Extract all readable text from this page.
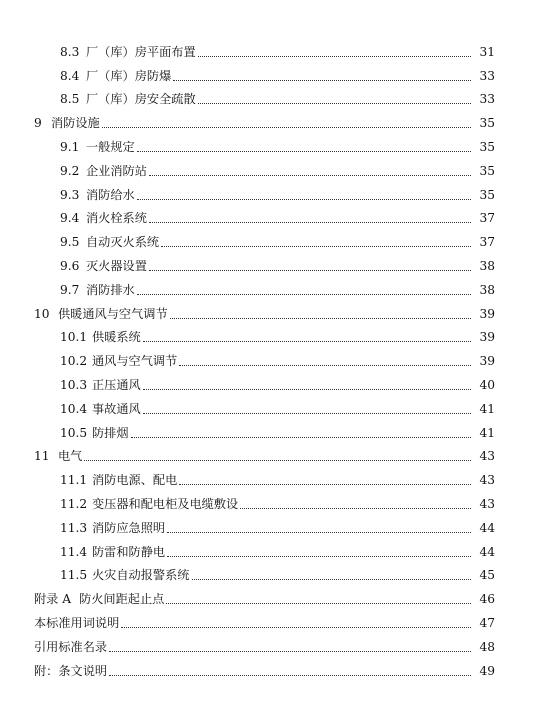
8.3 厂（库）房平面布置	31
8.4 厂（库）房防爆	33
8.5 厂（库）房安全疏散	33
9 消防设施	35
9.1 一般规定	35
9.2 企业消防站	35
9.3 消防给水	35
9.4 消火栓系统	37
9.5 自动灭火系统	37
9.6 灭火器设置	38
9.7 消防排水	38
10 供暖通风与空气调节	39
10.1 供暖系统	39
10.2 通风与空气调节	39
10.3 正压通风	40
10.4 事故通风	41
10.5 防排烟	41
11 电气	43
11.1 消防电源、配电	43
11.2 变压器和配电柜及电缆敷设	43
11.3 消防应急照明	44
11.4 防雷和防静电	44
11.5 火灾自动报警系统	45
附录 A 防火间距起止点	46
本标准用词说明	47
引用标准名录	48
附：条文说明	49
